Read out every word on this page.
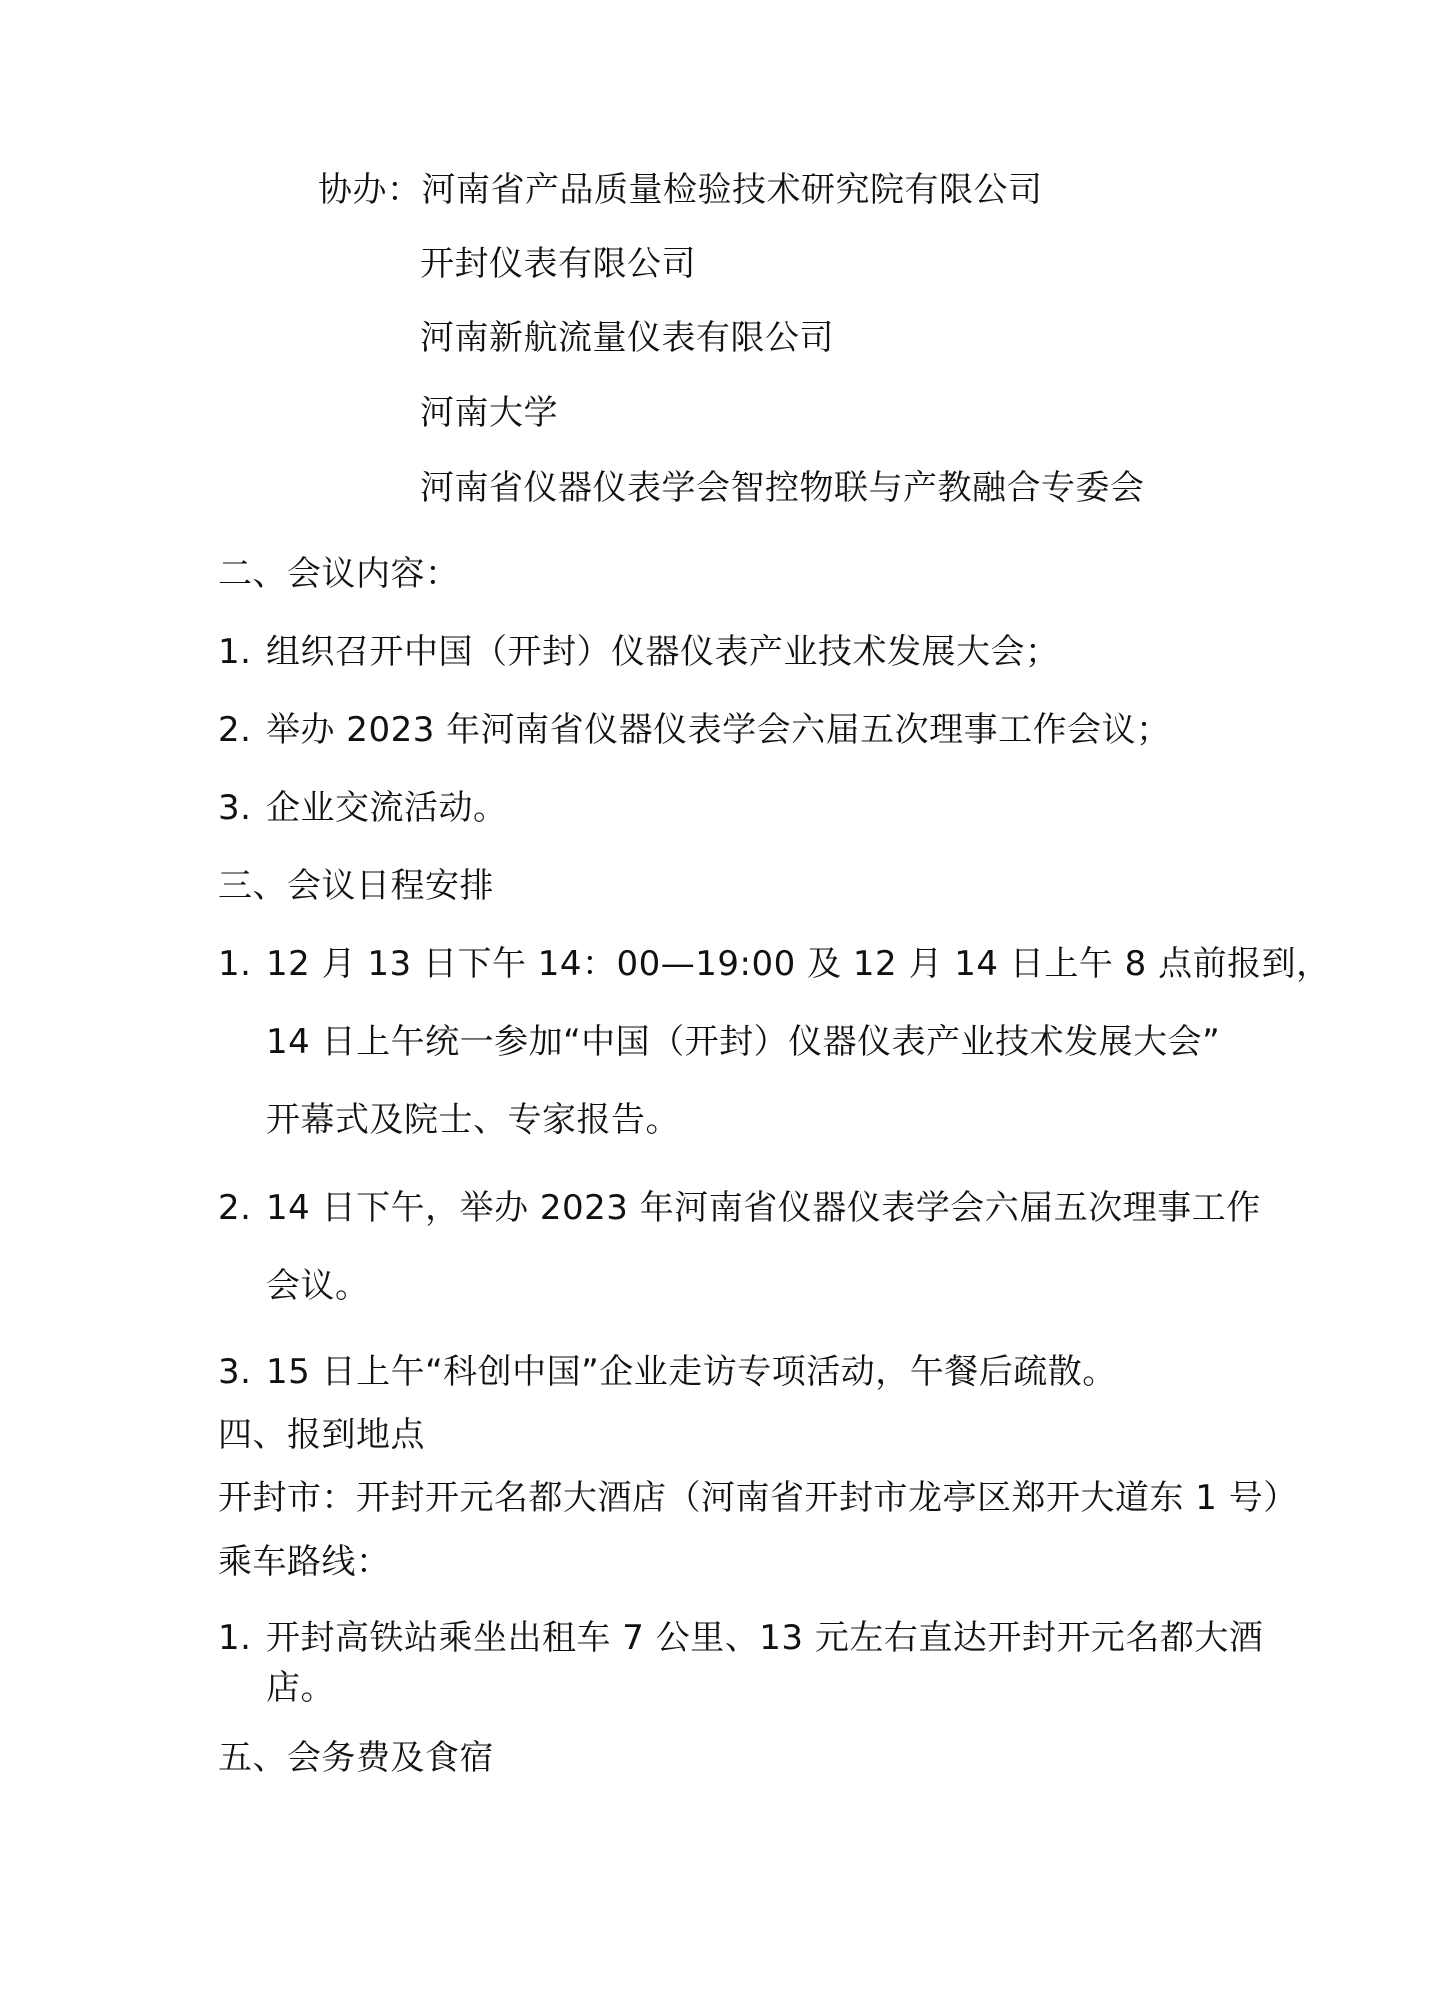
协办：河南省产品质量检验技术研究院有限公司
开封仪表有限公司
河南新航流量仪表有限公司
河南大学
河南省仪器仪表学会智控物联与产教融合专委会
二、会议内容：
1. 组织召开中国（开封）仪器仪表产业技术发展大会；
2. 举办 2023 年河南省仪器仪表学会六届五次理事工作会议；
3. 企业交流活动。
三、会议日程安排
1. 12 月 13 日下午 14：00—19:00 及 12 月 14 日上午 8 点前报到，
14 日上午统一参加“中国（开封）仪器仪表产业技术发展大会”
开幕式及院士、专家报告。
2. 14 日下午，举办 2023 年河南省仪器仪表学会六届五次理事工作
会议。
3. 15 日上午“科创中国”企业走访专项活动，午餐后疏散。
四、报到地点
开封市：开封开元名都大酒店（河南省开封市龙亭区郑开大道东 1 号）
乘车路线：
1. 开封高铁站乘坐出租车 7 公里、13 元左右直达开封开元名都大酒
店。
五、会务费及食宿
